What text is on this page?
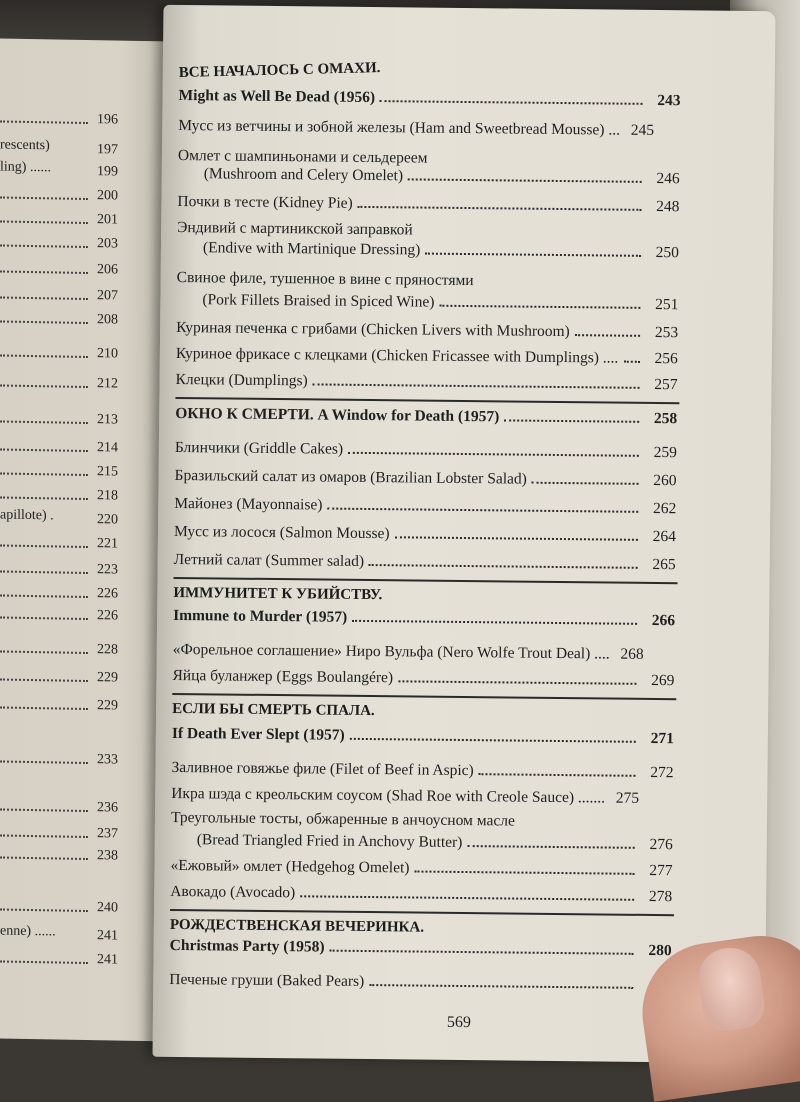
196
rescents)	197
ling) ......	199
200
201
203
206
207
208
210
212
213
214
215
218
apillote) .	220
221
223
226
226
228
229
229
233
236
237
238
240
enne) ......	241
241
ВСЕ НАЧАЛОСЬ С ОМАХИ.
Might as Well Be Dead (1956)	243
Мусс из ветчины и зобной железы (Ham and Sweetbread Mousse) ... 245
Омлет с шампиньонами и сельдереем
(Mushroom and Celery Omelet)	246
Почки в тесте (Kidney Pie)	248
Эндивий с мартиникской заправкой
(Endive with Martinique Dressing)	250
Свиное филе, тушенное в вине с пряностями
(Pork Fillets Braised in Spiced Wine)	251
Куриная печенка с грибами (Chicken Livers with Mushroom)	253
Куриное фрикасе с клецками (Chicken Fricassee with Dumplings) ....	256
Клецки (Dumplings)	257
ОКНО К СМЕРТИ. A Window for Death (1957)	258
Блинчики (Griddle Cakes)	259
Бразильский салат из омаров (Brazilian Lobster Salad)	260
Майонез (Mayonnaise)	262
Мусс из лосося (Salmon Mousse)	264
Летний салат (Summer salad)	265
ИММУНИТЕТ К УБИЙСТВУ.
Immune to Murder (1957)	266
«Форельное соглашение» Ниро Вульфа (Nero Wolfe Trout Deal) .... 268
Яйца буланжер (Eggs Boulangére)	269
ЕСЛИ БЫ СМЕРТЬ СПАЛА.
If Death Ever Slept (1957)	271
Заливное говяжье филе (Filet of Beef in Aspic)	272
Икра шэда с креольским соусом (Shad Roe with Creole Sauce) ....... 275
Треугольные тосты, обжаренные в анчоусном масле
(Bread Triangled Fried in Anchovy Butter)	276
«Ежовый» омлет (Hedgehog Omelet)	277
Авокадо (Avocado)	278
РОЖДЕСТВЕНСКАЯ ВЕЧЕРИНКА.
Christmas Party (1958)	280
Печеные груши (Baked Pears)
569
